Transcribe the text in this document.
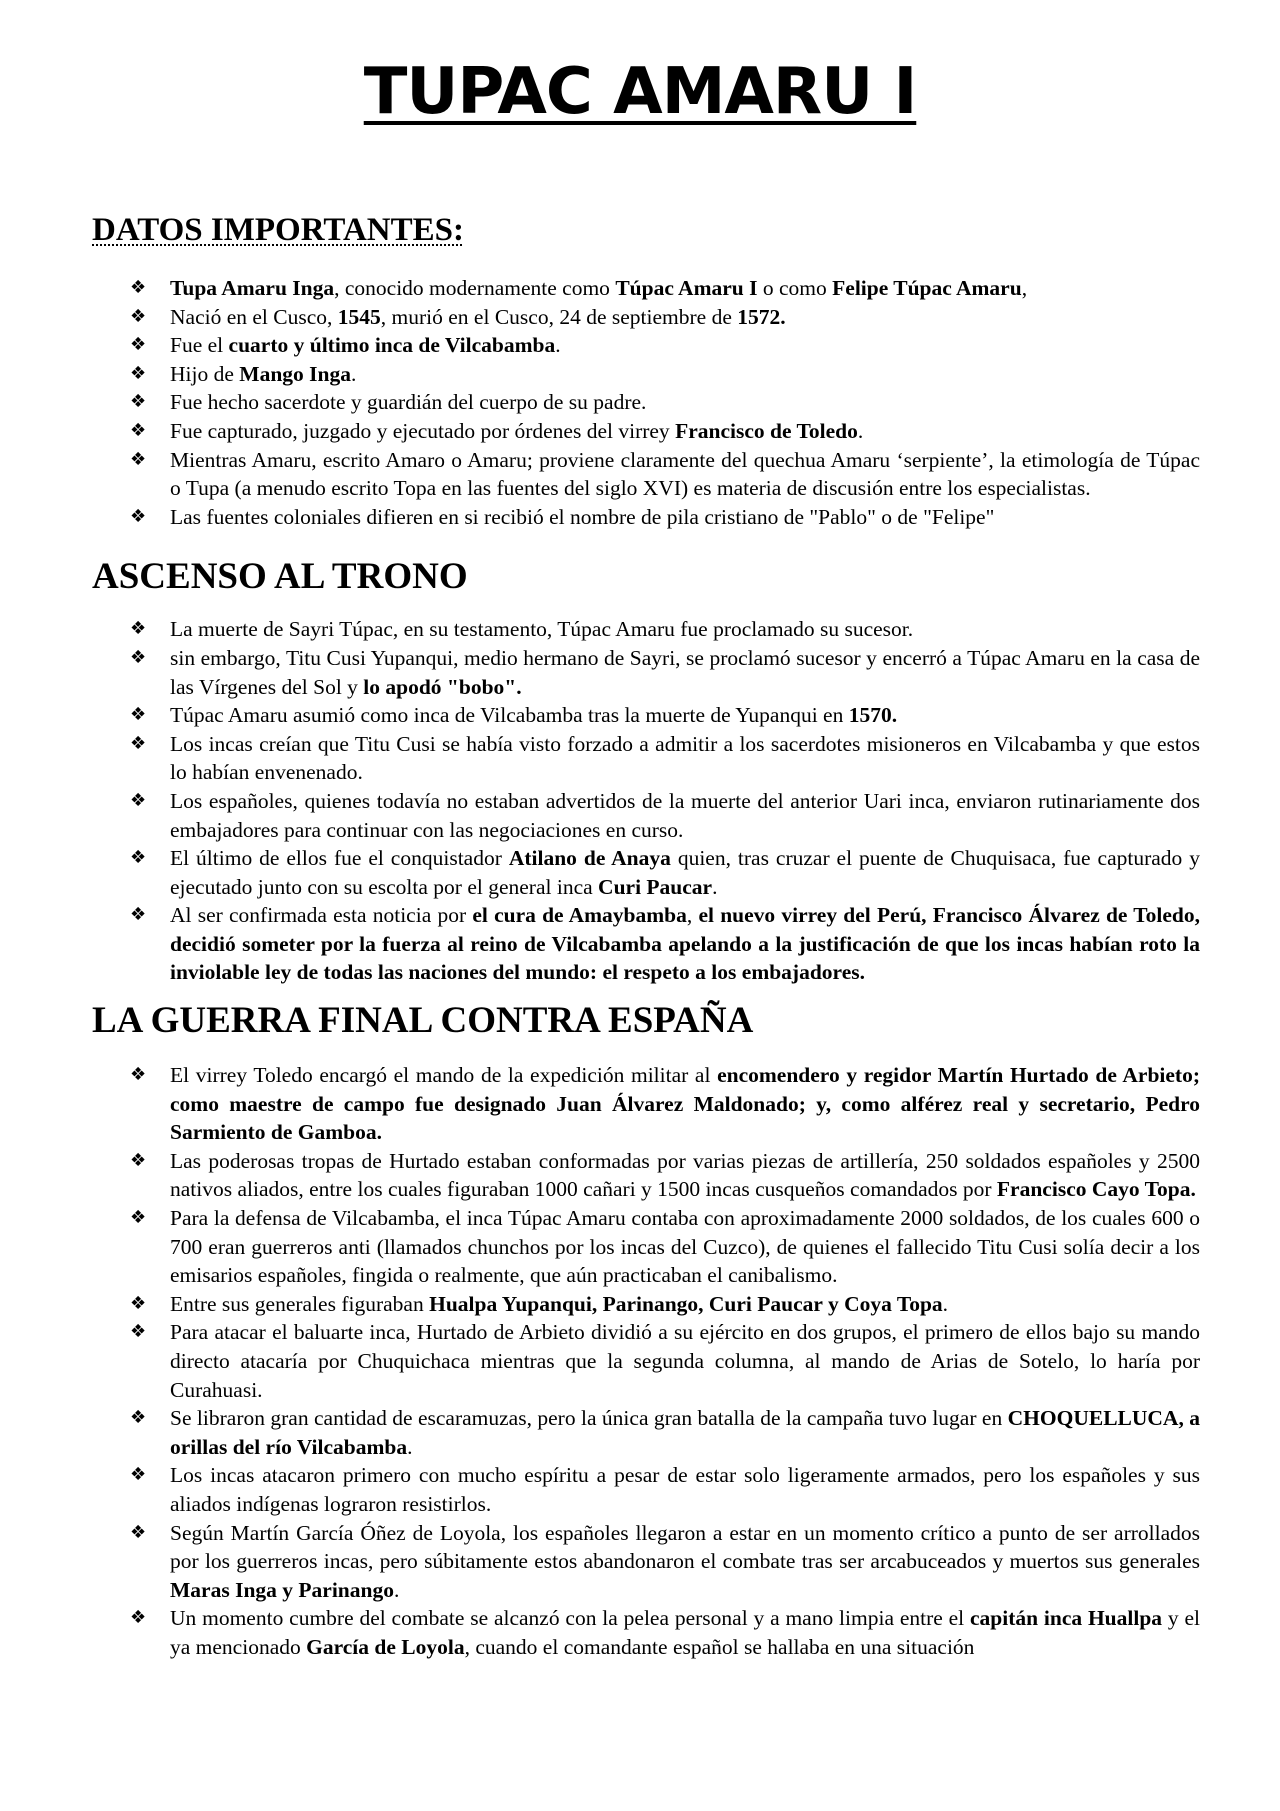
TUPAC AMARU I
DATOS IMPORTANTES:
❖ Tupa Amaru Inga, conocido modernamente como Túpac Amaru I o como Felipe Túpac Amaru,
❖ Nació en el Cusco, 1545, murió en el Cusco, 24 de septiembre de 1572.
❖ Fue el cuarto y último inca de Vilcabamba.
❖ Hijo de Mango Inga.
❖ Fue hecho sacerdote y guardián del cuerpo de su padre.
❖ Fue capturado, juzgado y ejecutado por órdenes del virrey Francisco de Toledo.
❖ Mientras Amaru, escrito Amaro o Amaru; proviene claramente del quechua Amaru ‘serpiente’, la etimología de Túpac o Tupa (a menudo escrito Topa en las fuentes del siglo XVI) es materia de discusión entre los especialistas.
❖ Las fuentes coloniales difieren en si recibió el nombre de pila cristiano de "Pablo" o de "Felipe"
ASCENSO AL TRONO
❖ La muerte de Sayri Túpac, en su testamento, Túpac Amaru fue proclamado su sucesor.
❖ sin embargo, Titu Cusi Yupanqui, medio hermano de Sayri, se proclamó sucesor y encerró a Túpac Amaru en la casa de las Vírgenes del Sol y lo apodó "bobo".
❖ Túpac Amaru asumió como inca de Vilcabamba tras la muerte de Yupanqui en 1570.
❖ Los incas creían que Titu Cusi se había visto forzado a admitir a los sacerdotes misioneros en Vilcabamba y que estos lo habían envenenado.
❖ Los españoles, quienes todavía no estaban advertidos de la muerte del anterior Uari inca, enviaron rutinariamente dos embajadores para continuar con las negociaciones en curso.
❖ El último de ellos fue el conquistador Atilano de Anaya quien, tras cruzar el puente de Chuquisaca, fue capturado y ejecutado junto con su escolta por el general inca Curi Paucar.
❖ Al ser confirmada esta noticia por el cura de Amaybamba, el nuevo virrey del Perú, Francisco Álvarez de Toledo, decidió someter por la fuerza al reino de Vilcabamba apelando a la justificación de que los incas habían roto la inviolable ley de todas las naciones del mundo: el respeto a los embajadores.
LA GUERRA FINAL CONTRA ESPAÑA
❖ El virrey Toledo encargó el mando de la expedición militar al encomendero y regidor Martín Hurtado de Arbieto; como maestre de campo fue designado Juan Álvarez Maldonado; y, como alférez real y secretario, Pedro Sarmiento de Gamboa.
❖ Las poderosas tropas de Hurtado estaban conformadas por varias piezas de artillería, 250 soldados españoles y 2500 nativos aliados, entre los cuales figuraban 1000 cañari y 1500 incas cusqueños comandados por Francisco Cayo Topa.
❖ Para la defensa de Vilcabamba, el inca Túpac Amaru contaba con aproximadamente 2000 soldados, de los cuales 600 o 700 eran guerreros anti (llamados chunchos por los incas del Cuzco), de quienes el fallecido Titu Cusi solía decir a los emisarios españoles, fingida o realmente, que aún practicaban el canibalismo.
❖ Entre sus generales figuraban Hualpa Yupanqui, Parinango, Curi Paucar y Coya Topa.
❖ Para atacar el baluarte inca, Hurtado de Arbieto dividió a su ejército en dos grupos, el primero de ellos bajo su mando directo atacaría por Chuquichaca mientras que la segunda columna, al mando de Arias de Sotelo, lo haría por Curahuasi.
❖ Se libraron gran cantidad de escaramuzas, pero la única gran batalla de la campaña tuvo lugar en CHOQUELLUCA, a orillas del río Vilcabamba.
❖ Los incas atacaron primero con mucho espíritu a pesar de estar solo ligeramente armados, pero los españoles y sus aliados indígenas lograron resistirlos.
❖ Según Martín García Óñez de Loyola, los españoles llegaron a estar en un momento crítico a punto de ser arrollados por los guerreros incas, pero súbitamente estos abandonaron el combate tras ser arcabuceados y muertos sus generales Maras Inga y Parinango.
❖ Un momento cumbre del combate se alcanzó con la pelea personal y a mano limpia entre el capitán inca Huallpa y el ya mencionado García de Loyola, cuando el comandante español se hallaba en una situación
